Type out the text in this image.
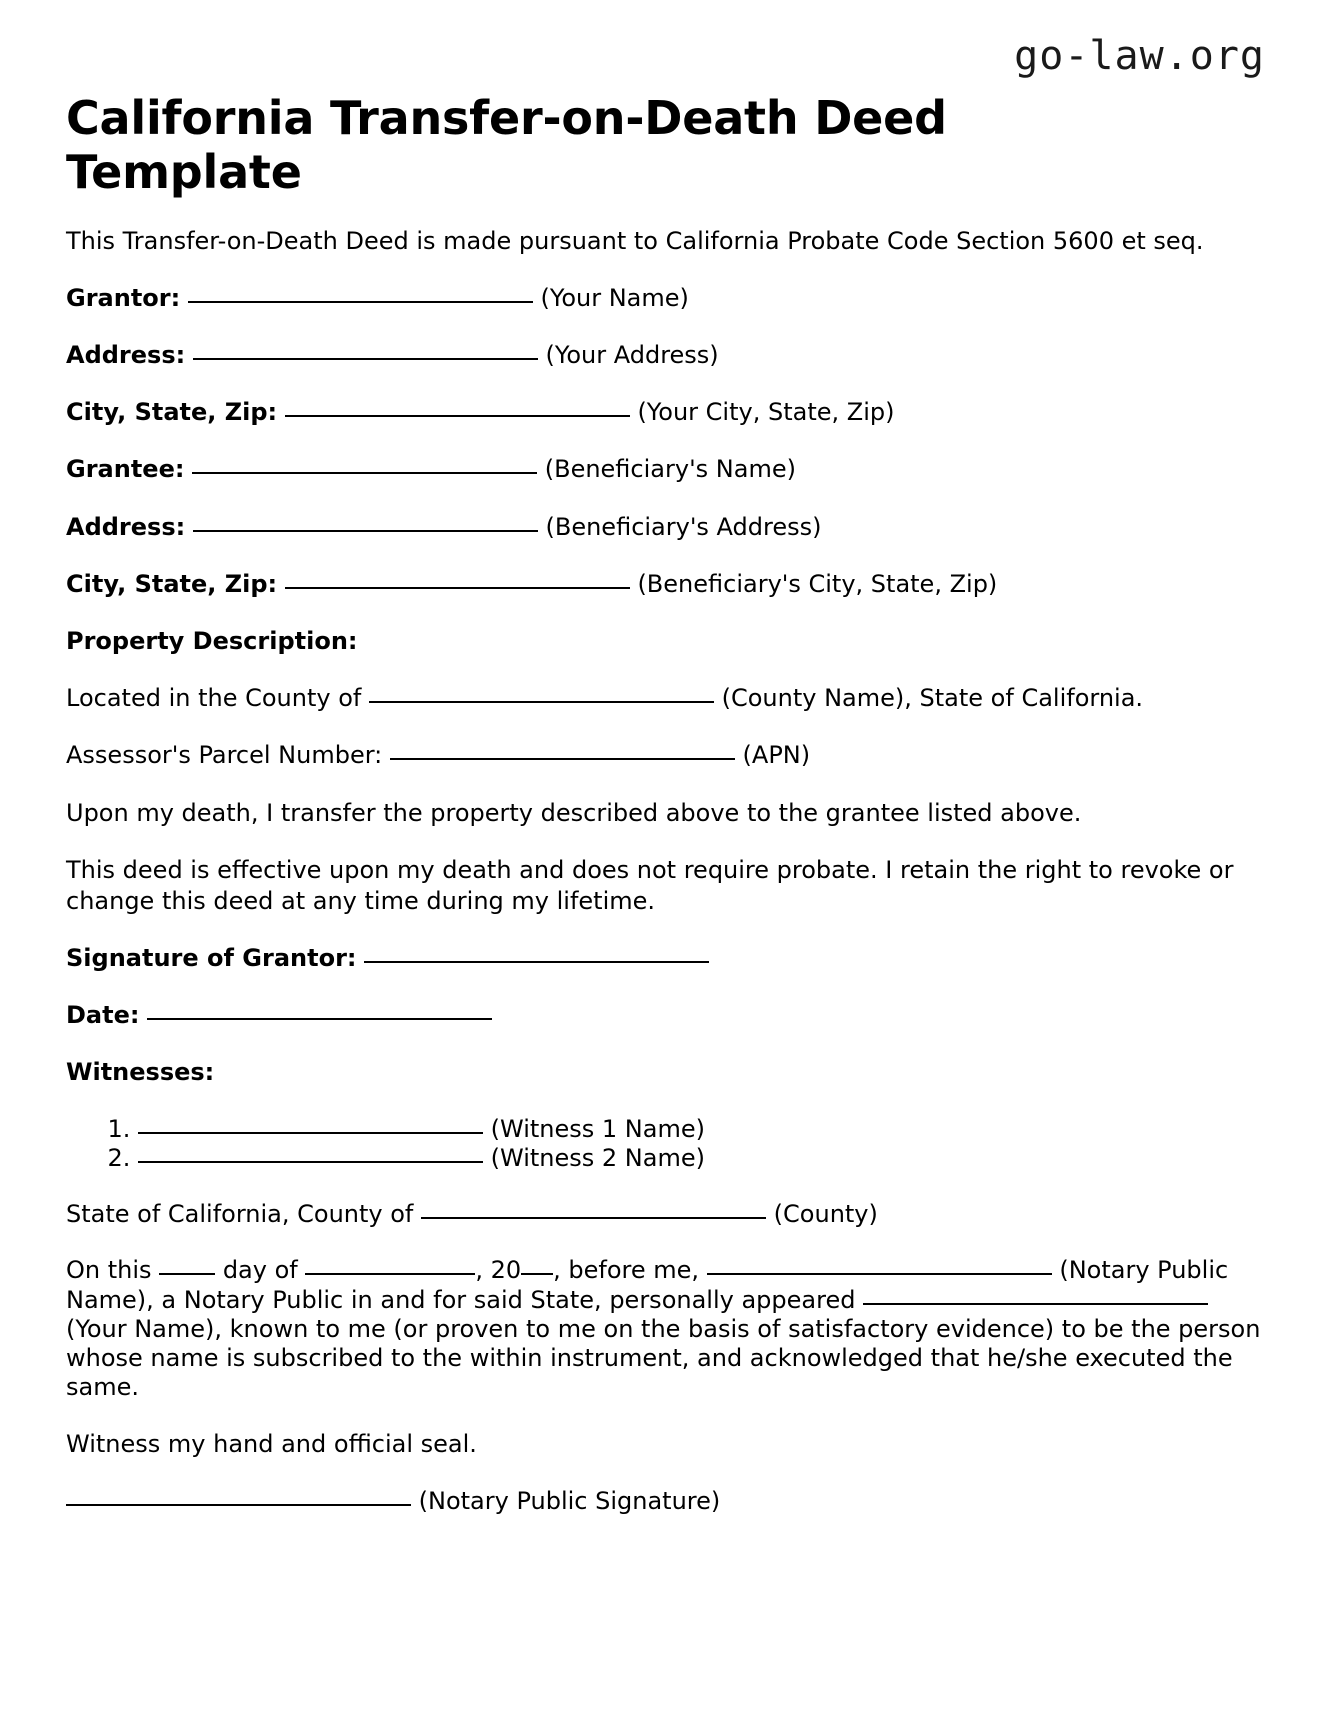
go-law.org
California Transfer-on-Death Deed Template

This Transfer-on-Death Deed is made pursuant to California Probate Code Section 5600 et seq.

Grantor:	(Your Name)

Address:	(Your Address)

City, State, Zip:	(Your City, State, Zip)

Grantee:	(Beneficiary's Name)

Address:	(Beneficiary's Address)

City, State, Zip:	(Beneficiary's City, State, Zip)

Property Description:

Located in the County of	(County Name), State of California.

Assessor's Parcel Number:	(APN)

Upon my death, I transfer the property described above to the grantee listed above.

This deed is effective upon my death and does not require probate. I retain the right to revoke or change this deed at any time during my lifetime.

Signature of Grantor:

Date:

Witnesses:
1. (Witness 1 Name)
2. (Witness 2 Name)

State of California, County of	(County)

On this	day of	, 20 , before me,	(Notary Public Name), a Notary Public in and for said State, personally appeared  (Your Name), known to me (or proven to me on the basis of satisfactory evidence) to be the person whose name is subscribed to the within instrument, and acknowledged that he/she executed the same.

Witness my hand and official seal.

(Notary Public Signature)
